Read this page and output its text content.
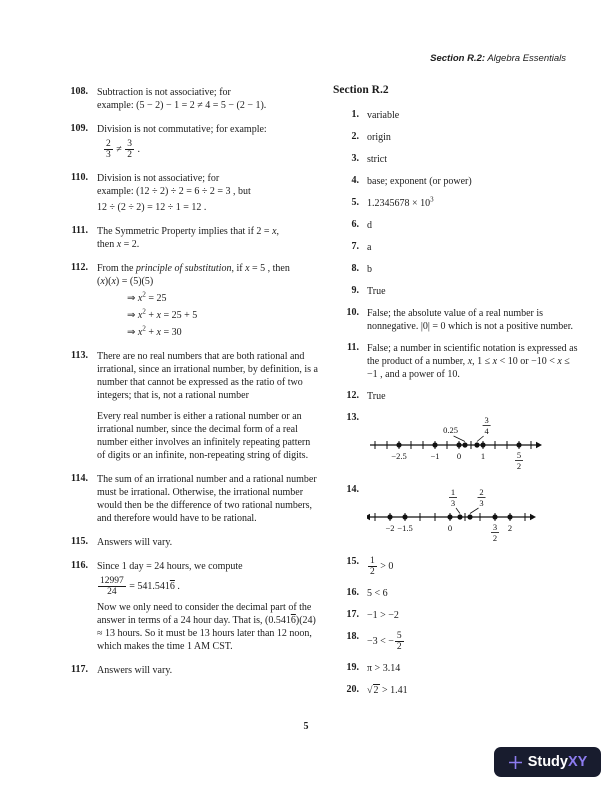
Section R.2: Algebra Essentials
108. Subtraction is not associative; for
example: (5 − 2) − 1 = 2 ≠ 4 = 5 − (2 − 1).
109. Division is not commutative; for example:
$\frac{2}{3} \ne \frac{3}{2}$ .
110. Division is not associative; for
example: (12 ÷ 2) ÷ 2 = 6 ÷ 2 = 3 , but
12 ÷ (2 ÷ 2) = 12 ÷ 1 = 12 .
111. The Symmetric Property implies that if 2 = x,
then x = 2.
112. From the principle of substitution, if x = 5 , then
(x)(x) = (5)(5)
⇒ $x^2 = 25$
⇒ $x^2 + x = 25 + 5$
⇒ $x^2 + x = 30$
113. There are no real numbers that are both rational and irrational, since an irrational number, by definition, is a number that cannot be expressed as the ratio of two integers; that is, not a rational number
Every real number is either a rational number or an irrational number, since the decimal form of a real number either involves an infinitely repeating pattern of digits or an infinite, non-repeating string of digits.
114. The sum of an irrational number and a rational number must be irrational. Otherwise, the irrational number would then be the difference of two rational numbers, and therefore would have to be rational.
115. Answers will vary.
116. Since 1 day = 24 hours, we compute
$\frac{12997}{24} = 541.5416$ .
Now we only need to consider the decimal part of the answer in terms of a 24 hour day. That is, (0.5416)(24) ≈ 13 hours. So it must be 13 hours later than 12 noon, which makes the time 1 AM CST.
117. Answers will vary.
Section R.2
1. variable
2. origin
3. strict
4. base; exponent (or power)
5. $1.2345678 \times 10^3$
6. d
7. a
8. b
9. True
10. False; the absolute value of a real number is nonnegative. |0| = 0 which is not a positive number.
11. False; a number in scientific notation is expressed as the product of a number, x, 1 ≤ x < 10 or −10 < x ≤ −1 , and a power of 10.
12. True
13.
−2.5	−1 0 1	5
2
0.25
3
4
14.
−2 −1.5	0	3
2
2
1
3
2
3
15. $\frac{1}{2} > 0$
16. 5 < 6
17. −1 > −2
18. −3 < − $\frac{5}{2}$
19. π > 3.14
20. √2 > 1.41
5
StudyXY
